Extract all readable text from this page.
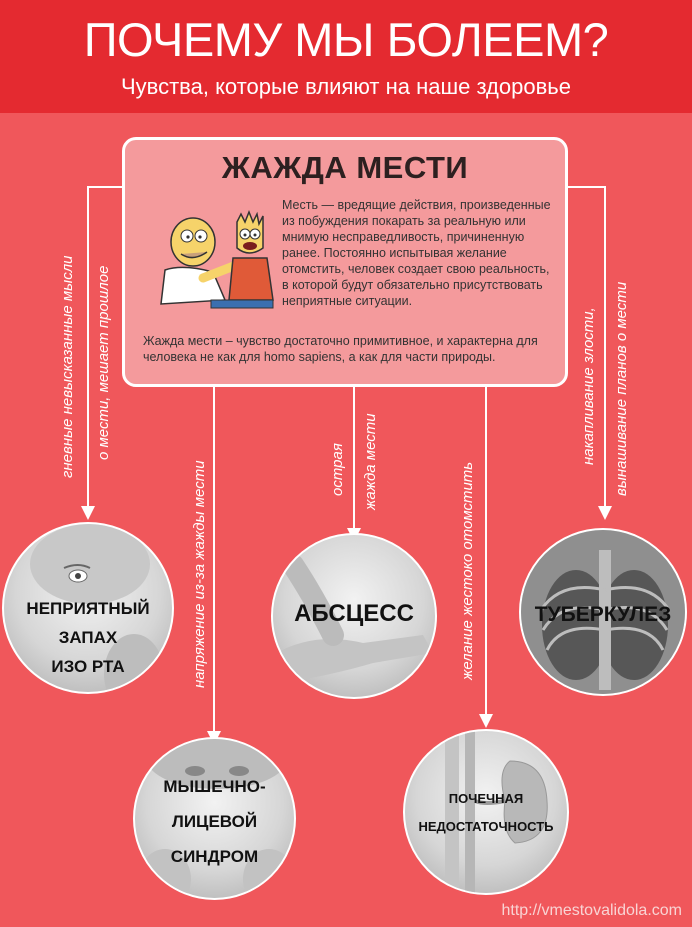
ПОЧЕМУ МЫ БОЛЕЕМ?
Чувства, которые влияют на наше здоровье
ЖАЖДА МЕСТИ
Месть — вредящие действия, произведенные из побуждения покарать за реальную или мнимую несправедливость, причиненную ранее. Постоянно испытывая желание отомстить, человек создает свою реальность, в которой будут обязательно присутствовать неприятные ситуации.
Жажда мести – чувство достаточно примитивное, и характерна для человека не как для homo sapiens, а как для части природы.
гневные невысказанные мысли о мести, мешает прошлое
напряжение из-за жажды мести	острая жажда мести
желание жестоко отомстить
накапливание злости, вынашивание планов о мести
НЕПРИЯТНЫЙ
ЗАПАХ
ИЗО РТА
АБСЦЕСС	ТУБЕРКУЛЕЗ
МЫШЕЧНО-
ЛИЦЕВОЙ
СИНДРОМ
ПОЧЕЧНАЯ
НЕДОСТАТОЧНОСТЬ
http://vmestovalidola.com
